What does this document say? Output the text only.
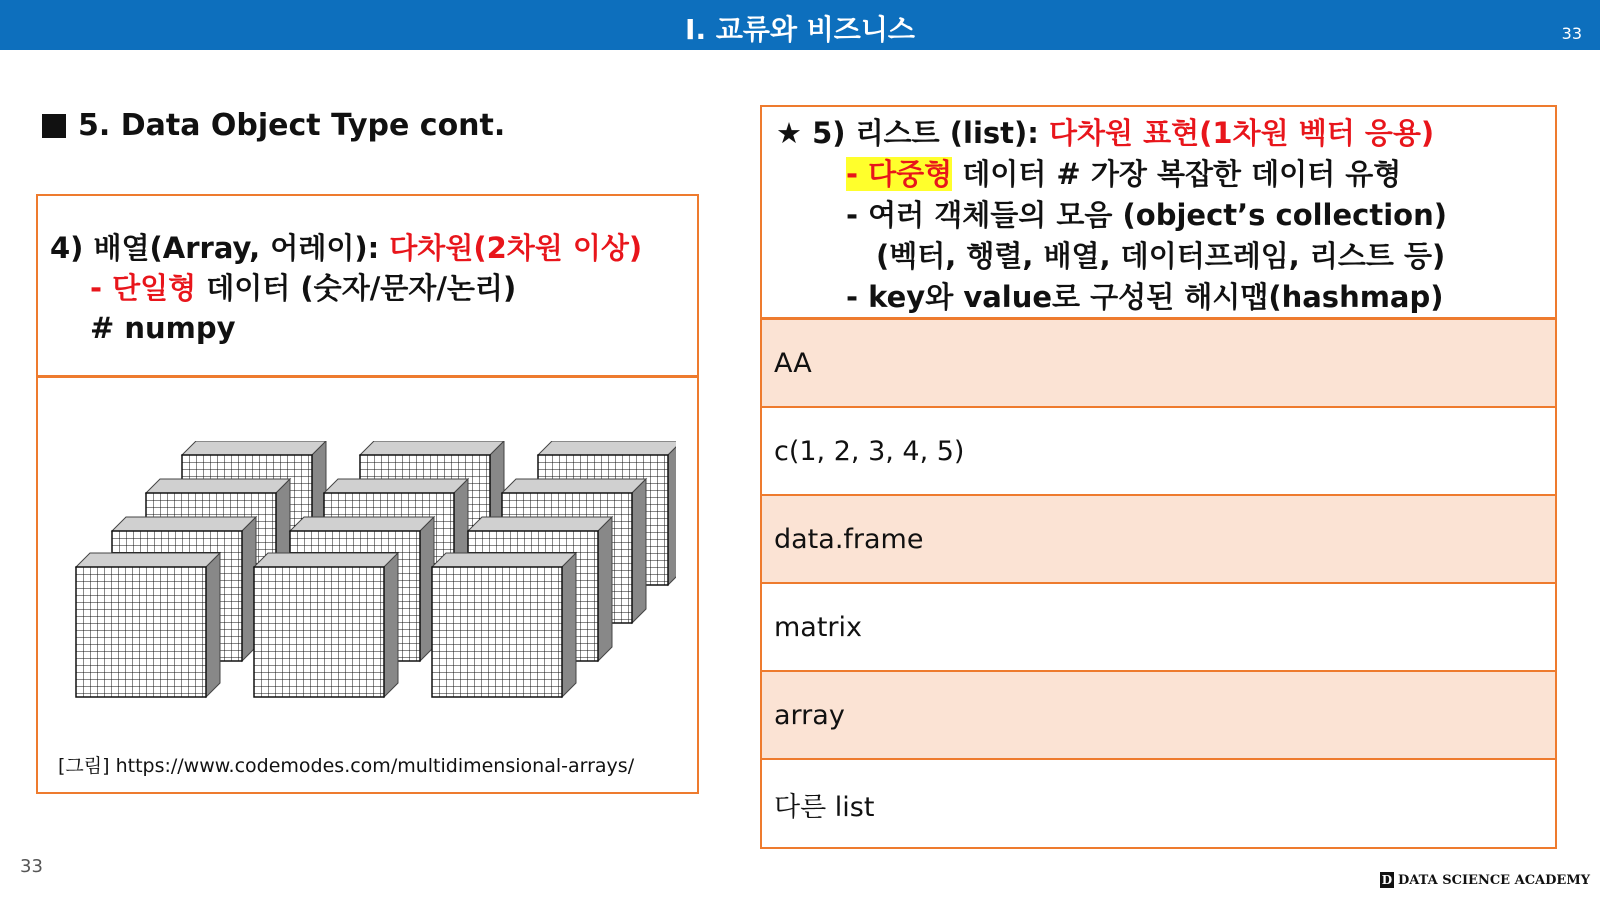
I. 교류와 비즈니스	33
5. Data Object Type cont.
4) 배열(Array, 어레이): 다차원(2차원 이상)
- 단일형 데이터 (숫자/문자/논리)
# numpy
[그림] https://www.codemodes.com/multidimensional-arrays/
★ 5) 리스트 (list): 다차원 표현(1차원 벡터 응용)
- 다중형 데이터 # 가장 복잡한 데이터 유형
- 여러 객체들의 모음 (object’s collection)
(벡터, 행렬, 배열, 데이터프레임, 리스트 등)
- key와 value로 구성된 해시맵(hashmap)
AA
c(1, 2, 3, 4, 5)
data.frame
matrix
array
다른 list
33
D DATA SCIENCE ACADEMY
